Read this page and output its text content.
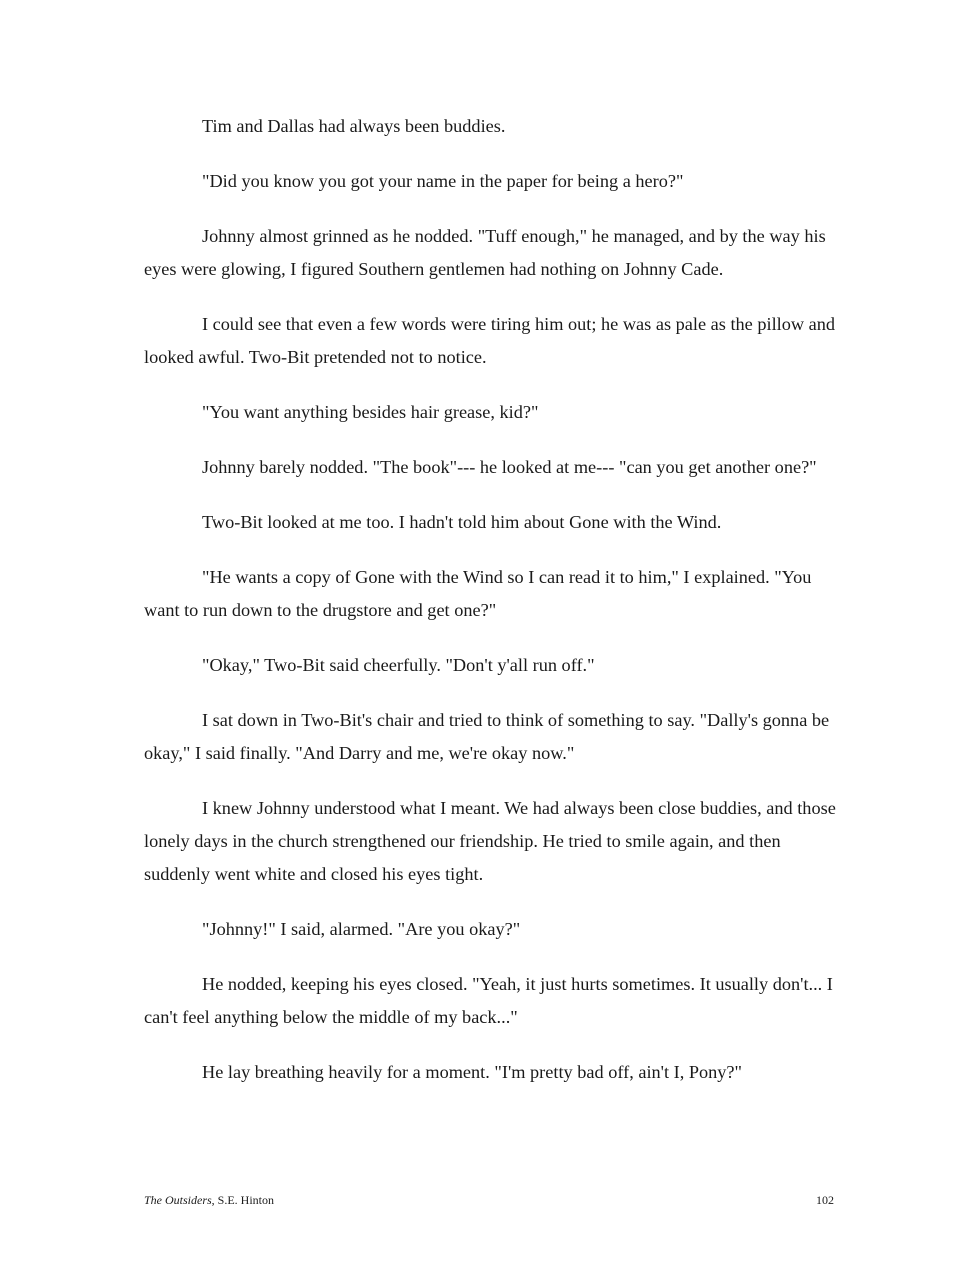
Tim and Dallas had always been buddies.

"Did you know you got your name in the paper for being a hero?"

Johnny almost grinned as he nodded. "Tuff enough," he managed, and by the way his eyes were glowing, I figured Southern gentlemen had nothing on Johnny Cade.

I could see that even a few words were tiring him out; he was as pale as the pillow and looked awful. Two-Bit pretended not to notice.

"You want anything besides hair grease, kid?"

Johnny barely nodded. "The book"--- he looked at me--- "can you get another one?"

Two-Bit looked at me too. I hadn't told him about Gone with the Wind.

"He wants a copy of Gone with the Wind so I can read it to him," I explained. "You want to run down to the drugstore and get one?"

"Okay," Two-Bit said cheerfully. "Don't y'all run off."

I sat down in Two-Bit's chair and tried to think of something to say. "Dally's gonna be okay," I said finally. "And Darry and me, we're okay now."

I knew Johnny understood what I meant. We had always been close buddies, and those lonely days in the church strengthened our friendship. He tried to smile again, and then suddenly went white and closed his eyes tight.

"Johnny!" I said, alarmed. "Are you okay?"

He nodded, keeping his eyes closed. "Yeah, it just hurts sometimes. It usually don't... I can't feel anything below the middle of my back..."

He lay breathing heavily for a moment. "I'm pretty bad off, ain't I, Pony?"

The Outsiders, S.E. Hinton	102
